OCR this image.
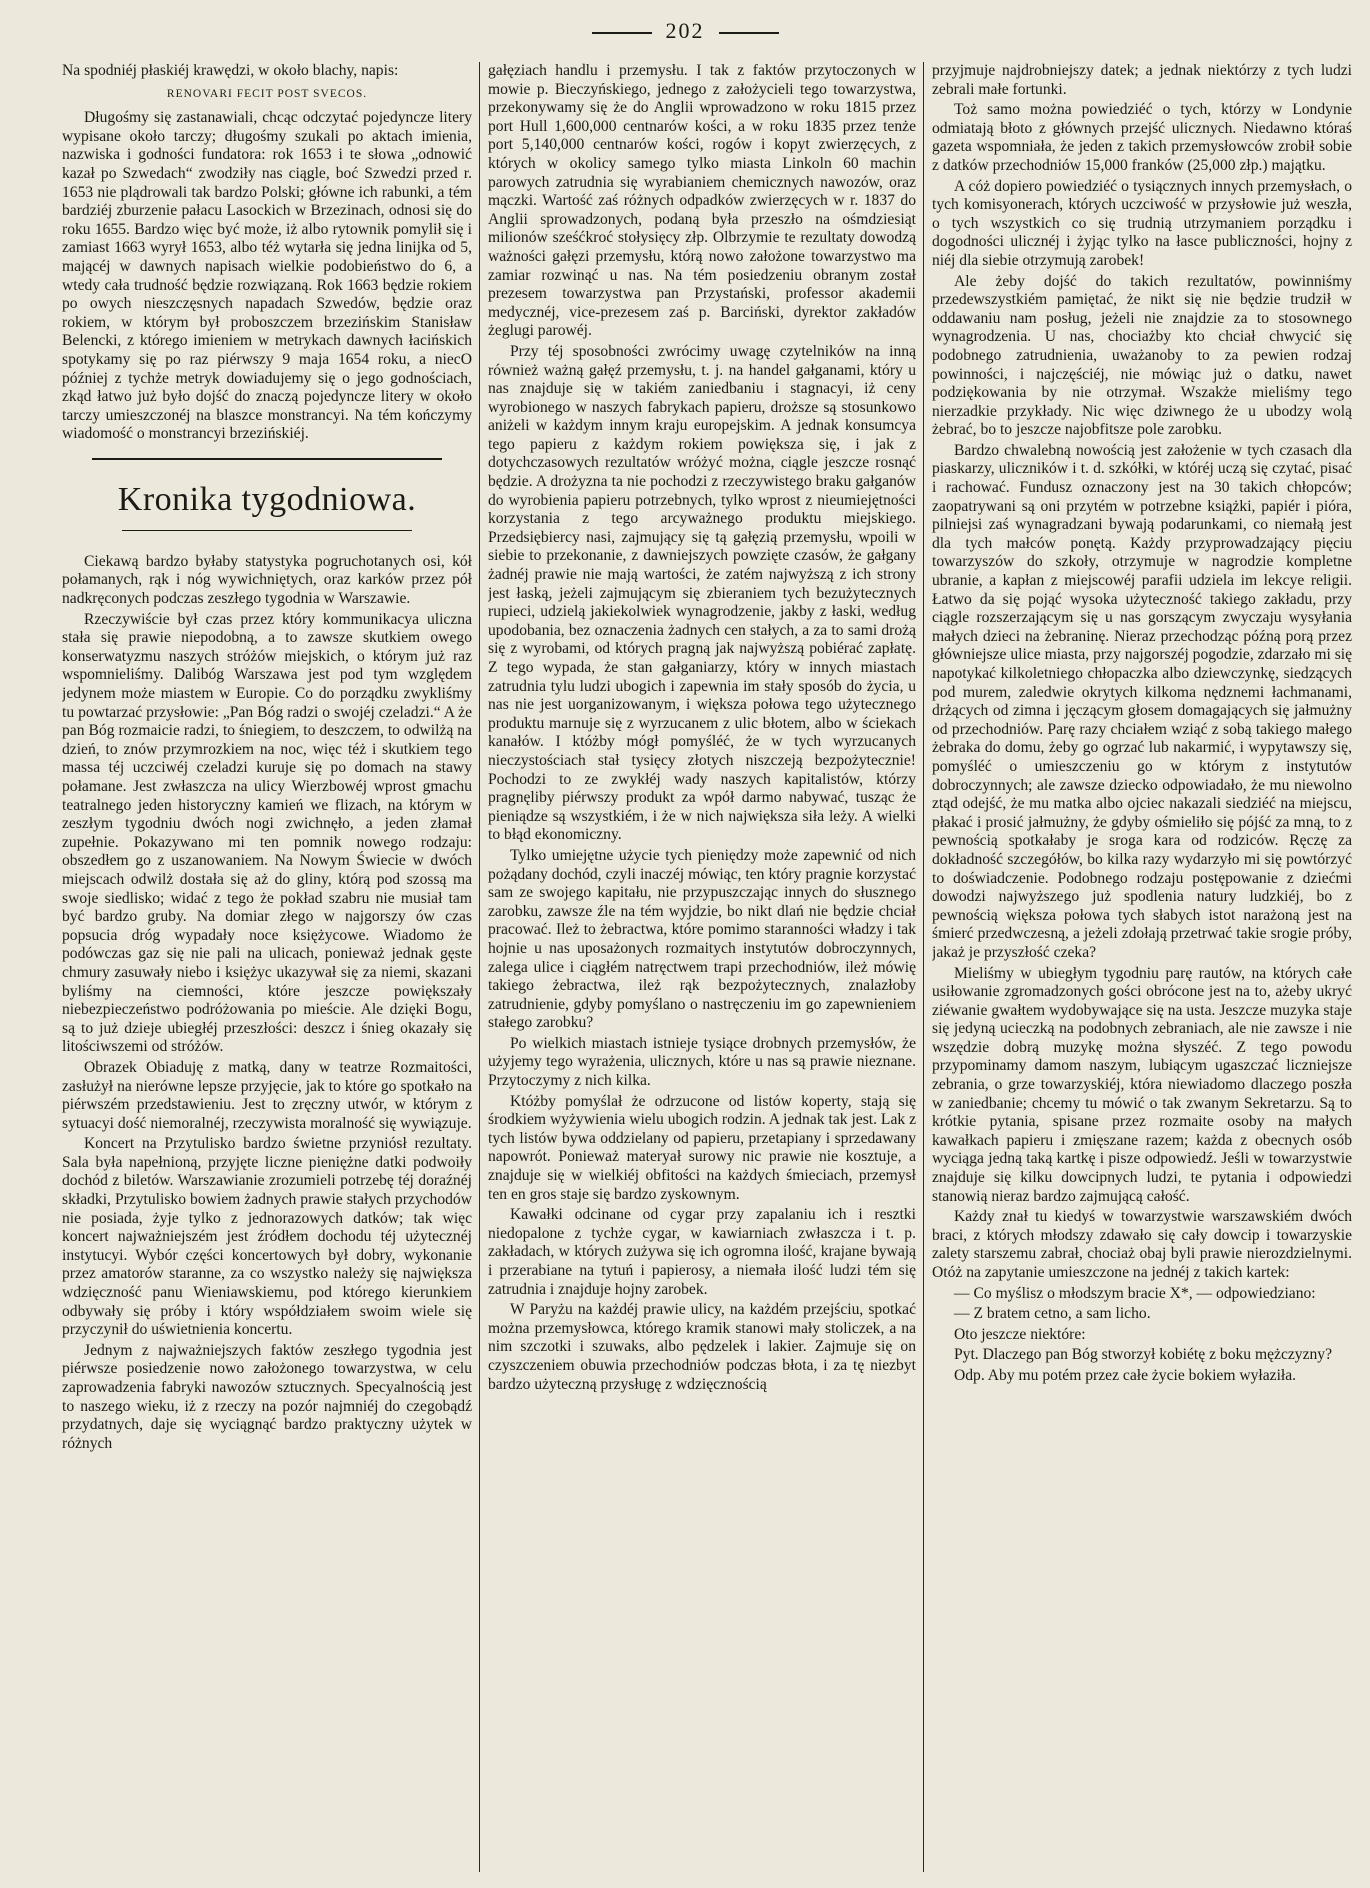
202

Na spodniéj płaskiéj krawędzi, w około blachy, napis:

RENOVARI FECIT POST SVECOS.

Długośmy się zastanawiali, chcąc odczytać pojedyncze litery wypisane około tarczy; długośmy szukali po aktach imienia, nazwiska i godności fundatora: rok 1653 i te słowa „odnowić kazał po Szwedach“ zwodziły nas ciągle, boć Szwedzi przed r. 1653 nie plądrowali tak bardzo Polski; główne ich rabunki, a tém bardziéj zburzenie pałacu Lasockich w Brzezinach, odnosi się do roku 1655. Bardzo więc być może, iż albo rytownik pomylił się i zamiast 1663 wyrył 1653, albo téż wytarła się jedna linijka od 5, mającéj w dawnych napisach wielkie podobieństwo do 6, a wtedy cała trudność będzie rozwiązaną. Rok 1663 będzie rokiem po owych nieszczęsnych napadach Szwedów, będzie oraz rokiem, w którym był proboszczem brzezińskim Stanisław Belencki, z którego imieniem w metrykach dawnych łacińskich spotykamy się po raz piérwszy 9 maja 1654 roku, a niecO później z tychże metryk dowiadujemy się o jego godnościach, zkąd łatwo już było dojść do znaczą pojedyncze litery w około tarczy umieszczonéj na blaszce monstrancyi. Na tém kończymy wiadomość o monstrancyi brzezińskiéj.

Kronika tygodniowa.

Ciekawą bardzo byłaby statystyka pogruchotanych osi, kół połamanych, rąk i nóg wywichniętych, oraz karków przez pół nadkręconych podczas zeszłego tygodnia w Warszawie.

Rzeczywiście był czas przez który kommunikacya uliczna stała się prawie niepodobną, a to zawsze skutkiem owego konserwatyzmu naszych stróżów miejskich, o którym już raz wspomnieliśmy. Dalibóg Warszawa jest pod tym względem jedynem może miastem w Europie. Co do porządku zwykliśmy tu powtarzać przysłowie: „Pan Bóg radzi o swojéj czeladzi.“ A że pan Bóg rozmaicie radzi, to śniegiem, to deszczem, to odwilżą na dzień, to znów przymrozkiem na noc, więc téż i skutkiem tego massa téj uczciwéj czeladzi kuruje się po domach na stawy połamane. Jest zwłaszcza na ulicy Wierzbowéj wprost gmachu teatralnego jeden historyczny kamień we flizach, na którym w zeszłym tygodniu dwóch nogi zwichnęło, a jeden złamał zupełnie. Pokazywano mi ten pomnik nowego rodzaju: obszedłem go z uszanowaniem. Na Nowym Świecie w dwóch miejscach odwilż dostała się aż do gliny, którą pod szossą ma swoje siedlisko; widać z tego że pokład szabru nie musiał tam być bardzo gruby. Na domiar złego w najgorszy ów czas popsucia dróg wypadały noce księżycowe. Wiadomo że podówczas gaz się nie pali na ulicach, ponieważ jednak gęste chmury zasuwały niebo i księżyc ukazywał się za niemi, skazani byliśmy na ciemności, które jeszcze powiększały niebezpieczeństwo podróżowania po mieście. Ale dzięki Bogu, są to już dzieje ubiegłéj przeszłości: deszcz i śnieg okazały się litościwszemi od stróżów.

Obrazek Obiaduję z matką, dany w teatrze Rozmaitości, zasłużył na nierówne lepsze przyjęcie, jak to które go spotkało na piérwszém przedstawieniu. Jest to zręczny utwór, w którym z sytuacyi dość niemoralnéj, rzeczywista moralność się wywiązuje.

Koncert na Przytulisko bardzo świetne przyniósł rezultaty. Sala była napełnioną, przyjęte liczne pieniężne datki podwoiły dochód z biletów. Warszawianie zrozumieli potrzebę téj doraźnéj składki, Przytulisko bowiem żadnych prawie stałych przychodów nie posiada, żyje tylko z jednorazowych datków; tak więc koncert najważniejszém jest źródłem dochodu téj użytecznéj instytucyi. Wybór części koncertowych był dobry, wykonanie przez amatorów staranne, za co wszystko należy się największa wdzięczność panu Wieniawskiemu, pod którego kierunkiem odbywały się próby i który współdziałem swoim wiele się przyczynił do uświetnienia koncertu.

Jednym z najważniejszych faktów zeszłego tygodnia jest piérwsze posiedzenie nowo założonego towarzystwa, w celu zaprowadzenia fabryki nawozów sztucznych. Specyalnością jest to naszego wieku, iż z rzeczy na pozór najmniéj do czegobądź przydatnych, daje się wyciągnąć bardzo praktyczny użytek w różnych

gałęziach handlu i przemysłu. I tak z faktów przytoczonych w mowie p. Bieczyńskiego, jednego z założycieli tego towarzystwa, przekonywamy się że do Anglii wprowadzono w roku 1815 przez port Hull 1,600,000 centnarów kości, a w roku 1835 przez tenże port 5,140,000 centnarów kości, rogów i kopyt zwierzęcych, z których w okolicy samego tylko miasta Linkoln 60 machin parowych zatrudnia się wyrabianiem chemicznych nawozów, oraz mączki. Wartość zaś różnych odpadków zwierzęcych w r. 1837 do Anglii sprowadzonych, podaną była przeszło na ośmdziesiąt milionów sześćkroć stołysięcy złp. Olbrzymie te rezultaty dowodzą ważności gałęzi przemysłu, którą nowo założone towarzystwo ma zamiar rozwinąć u nas. Na tém posiedzeniu obranym został prezesem towarzystwa pan Przystański, professor akademii medycznéj, vice-prezesem zaś p. Barciński, dyrektor zakładów żeglugi parowéj.

Przy téj sposobności zwrócimy uwagę czytelników na inną również ważną gałęź przemysłu, t. j. na handel gałganami, który u nas znajduje się w takiém zaniedbaniu i stagnacyi, iż ceny wyrobionego w naszych fabrykach papieru, droższe są stosunkowo aniżeli w każdym innym kraju europejskim. A jednak konsumcya tego papieru z każdym rokiem powiększa się, i jak z dotychczasowych rezultatów wróżyć można, ciągle jeszcze rosnąć będzie. A drożyzna ta nie pochodzi z rzeczywistego braku gałganów do wyrobienia papieru potrzebnych, tylko wprost z nieumiejętności korzystania z tego arcyważnego produktu miejskiego. Przedsiębiercy nasi, zajmujący się tą gałęzią przemysłu, wpoili w siebie to przekonanie, z dawniejszych powzięte czasów, że gałgany żadnéj prawie nie mają wartości, że zatém najwyższą z ich strony jest łaską, jeżeli zajmującym się zbieraniem tych bezużytecznych rupieci, udzielą jakiekolwiek wynagrodzenie, jakby z łaski, według upodobania, bez oznaczenia żadnych cen stałych, a za to sami drożą się z wyrobami, od których pragną jak najwyższą pobiérać zapłatę. Z tego wypada, że stan gałganiarzy, który w innych miastach zatrudnia tylu ludzi ubogich i zapewnia im stały sposób do życia, u nas nie jest uorganizowanym, i większa połowa tego użytecznego produktu marnuje się z wyrzucanem z ulic błotem, albo w ściekach kanałów. I któżby mógł pomyśléć, że w tych wyrzucanych nieczystościach stał tysięcy złotych niszczeją bezpożytecznie! Pochodzi to ze zwykłéj wady naszych kapitalistów, którzy pragnęliby piérwszy produkt za wpół darmo nabywać, tusząc że pieniądze są wszystkiém, i że w nich największa siła leży. A wielki to błąd ekonomiczny.

Tylko umiejętne użycie tych pieniędzy może zapewnić od nich pożądany dochód, czyli inaczéj mówiąc, ten który pragnie korzystać sam ze swojego kapitału, nie przypuszczając innych do słusznego zarobku, zawsze źle na tém wyjdzie, bo nikt dlań nie będzie chciał pracować. Ileż to żebractwa, które pomimo staranności władzy i tak hojnie u nas uposażonych rozmaitych instytutów dobroczynnych, zalega ulice i ciągłém natręctwem trapi przechodniów, ileż mówię takiego żebractwa, ileż rąk bezpożytecznych, znalazłoby zatrudnienie, gdyby pomyślano o nastręczeniu im go zapewnieniem stałego zarobku?

Po wielkich miastach istnieje tysiące drobnych przemysłów, że użyjemy tego wyrażenia, ulicznych, które u nas są prawie nieznane. Przytoczymy z nich kilka.

Któżby pomyślał że odrzucone od listów koperty, stają się środkiem wyżywienia wielu ubogich rodzin. A jednak tak jest. Lak z tych listów bywa oddzielany od papieru, przetapiany i sprzedawany napowrót. Ponieważ materyał surowy nic prawie nie kosztuje, a znajduje się w wielkiéj obfitości na każdych śmieciach, przemysł ten en gros staje się bardzo zyskownym.

Kawałki odcinane od cygar przy zapalaniu ich i resztki niedopalone z tychże cygar, w kawiarniach zwłaszcza i t. p. zakładach, w których zużywa się ich ogromna ilość, krajane bywają i przerabiane na tytuń i papierosy, a niemała ilość ludzi tém się zatrudnia i znajduje hojny zarobek.

W Paryżu na każdéj prawie ulicy, na każdém przejściu, spotkać można przemysłowca, którego kramik stanowi mały stoliczek, a na nim szczotki i szuwaks, albo pędzelek i lakier. Zajmuje się on czyszczeniem obuwia przechodniów podczas błota, i za tę niezbyt bardzo użyteczną przysługę z wdzięcznością

przyjmuje najdrobniejszy datek; a jednak niektórzy z tych ludzi zebrali małe fortunki.

Toż samo można powiedziéć o tych, którzy w Londynie odmiatają błoto z głównych przejść ulicznych. Niedawno któraś gazeta wspomniała, że jeden z takich przemysłowców zrobił sobie z datków przechodniów 15,000 franków (25,000 złp.) majątku.

A cóż dopiero powiedziéć o tysiącznych innych przemysłach, o tych komisyonerach, których uczciwość w przysłowie już weszła, o tych wszystkich co się trudnią utrzymaniem porządku i dogodności ulicznéj i żyjąc tylko na łasce publiczności, hojny z niéj dla siebie otrzymują zarobek!

Ale żeby dojść do takich rezultatów, powinniśmy przedewszystkiém pamiętać, że nikt się nie będzie trudził w oddawaniu nam posług, jeżeli nie znajdzie za to stosownego wynagrodzenia. U nas, chociażby kto chciał chwycić się podobnego zatrudnienia, uważanoby to za pewien rodzaj powinności, i najczęściéj, nie mówiąc już o datku, nawet podziękowania by nie otrzymał. Wszakże mieliśmy tego nierzadkie przykłady. Nic więc dziwnego że u ubodzy wolą żebrać, bo to jeszcze najobfitsze pole zarobku.

Bardzo chwalebną nowością jest założenie w tych czasach dla piaskarzy, uliczników i t. d. szkółki, w któréj uczą się czytać, pisać i rachować. Fundusz oznaczony jest na 30 takich chłopców; zaopatrywani są oni przytém w potrzebne książki, papiér i pióra, pilniejsi zaś wynagradzani bywają podarunkami, co niemałą jest dla tych małców ponętą. Każdy przyprowadzający pięciu towarzyszów do szkoły, otrzymuje w nagrodzie kompletne ubranie, a kapłan z miejscowéj parafii udziela im lekcye religii. Łatwo da się pojąć wysoka użyteczność takiego zakładu, przy ciągle rozszerzającym się u nas gorszącym zwyczaju wysyłania małych dzieci na żebraninę. Nieraz przechodząc późną porą przez główniejsze ulice miasta, przy najgorszéj pogodzie, zdarzało mi się napotykać kilkoletniego chłopaczka albo dziewczynkę, siedzących pod murem, zaledwie okrytych kilkoma nędznemi łachmanami, drżących od zimna i jęczącym głosem domagających się jałmużny od przechodniów. Parę razy chciałem wziąć z sobą takiego małego żebraka do domu, żeby go ogrzać lub nakarmić, i wypytawszy się, pomyśléć o umieszczeniu go w którym z instytutów dobroczynnych; ale zawsze dziecko odpowiadało, że mu niewolno ztąd odejść, że mu matka albo ojciec nakazali siedziéć na miejscu, płakać i prosić jałmużny, że gdyby ośmieliło się pójść za mną, to z pewnością spotkałaby je sroga kara od rodziców. Ręczę za dokładność szczegółów, bo kilka razy wydarzyło mi się powtórzyć to doświadczenie. Podobnego rodzaju postępowanie z dziećmi dowodzi najwyższego już spodlenia natury ludzkiéj, bo z pewnością większa połowa tych słabych istot narażoną jest na śmierć przedwczesną, a jeżeli zdołają przetrwać takie srogie próby, jakaż je przyszłość czeka?

Mieliśmy w ubiegłym tygodniu parę rautów, na których całe usiłowanie zgromadzonych gości obrócone jest na to, ażeby ukryć ziéwanie gwałtem wydobywające się na usta. Jeszcze muzyka staje się jedyną ucieczką na podobnych zebraniach, ale nie zawsze i nie wszędzie dobrą muzykę można słyszéć. Z tego powodu przypominamy damom naszym, lubiącym ugaszczać liczniejsze zebrania, o grze towarzyskiéj, która niewiadomo dlaczego poszła w zaniedbanie; chcemy tu mówić o tak zwanym Sekretarzu. Są to krótkie pytania, spisane przez rozmaite osoby na małych kawałkach papieru i zmięszane razem; każda z obecnych osób wyciąga jedną taką kartkę i pisze odpowiedź. Jeśli w towarzystwie znajduje się kilku dowcipnych ludzi, te pytania i odpowiedzi stanowią nieraz bardzo zajmującą całość.

Każdy znał tu kiedyś w towarzystwie warszawskiém dwóch braci, z których młodszy zdawało się cały dowcip i towarzyskie zalety starszemu zabrał, chociaż obaj byli prawie nierozdzielnymi. Otóż na zapytanie umieszczone na jednéj z takich kartek:

— Co myślisz o młodszym bracie X*, — odpowiedziano:

— Z bratem cetno, a sam licho.

Oto jeszcze niektóre:

Pyt. Dlaczego pan Bóg stworzył kobiétę z boku mężczyzny?

Odp. Aby mu potém przez całe życie bokiem wyłaziła.
